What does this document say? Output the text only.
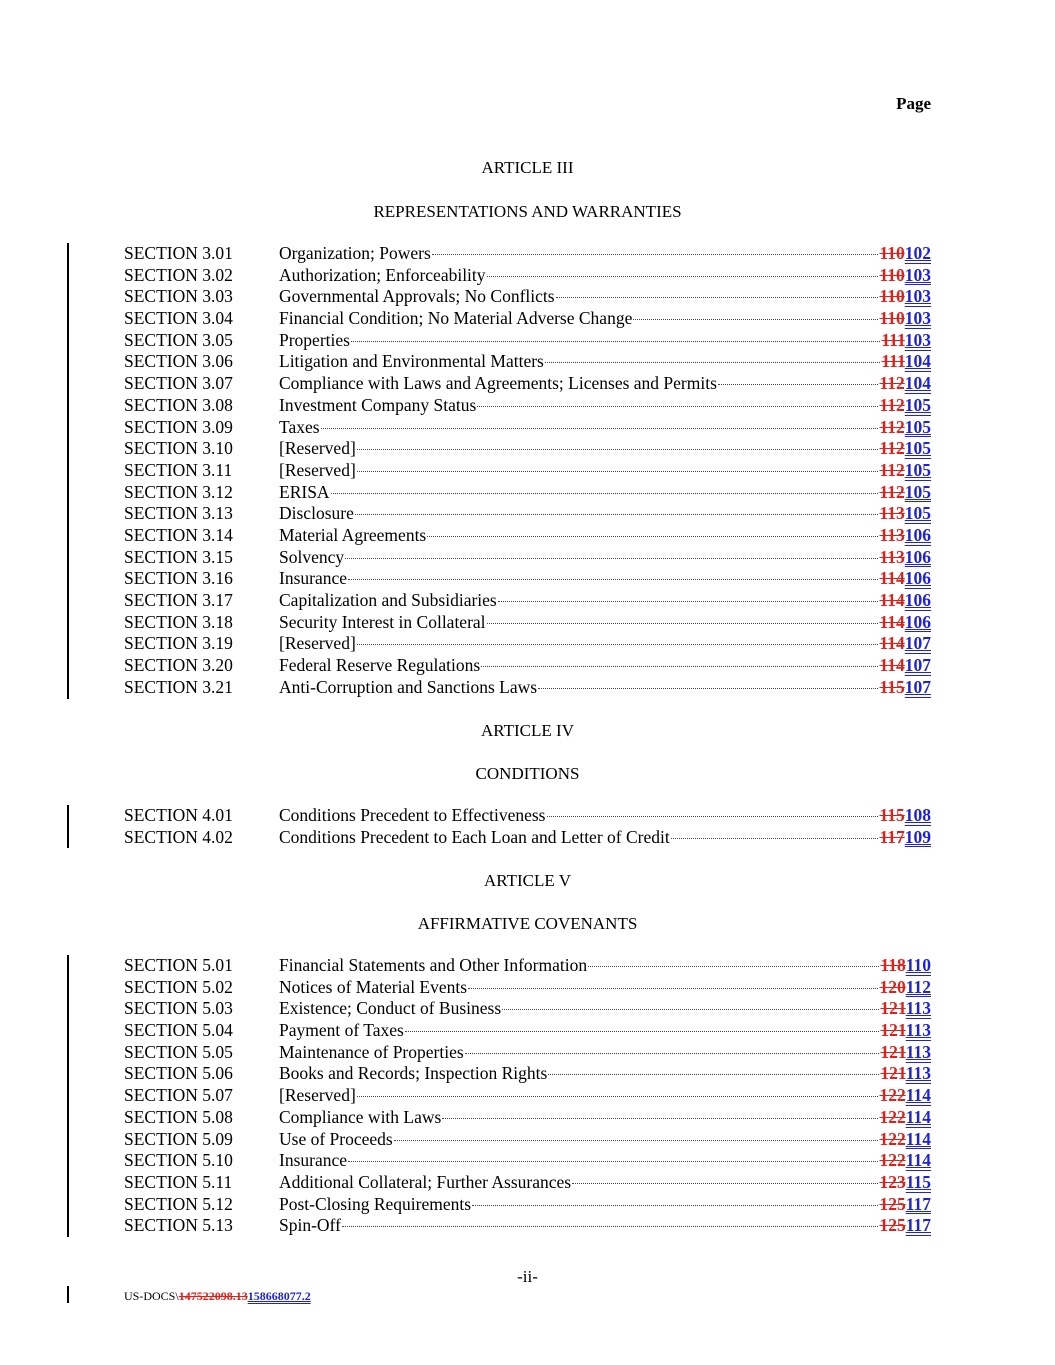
Page
ARTICLE III
REPRESENTATIONS AND WARRANTIES
SECTION 3.01	Organization; Powers	110102
SECTION 3.02	Authorization; Enforceability	110103
SECTION 3.03	Governmental Approvals; No Conflicts	110103
SECTION 3.04	Financial Condition; No Material Adverse Change	110103
SECTION 3.05	Properties	111103
SECTION 3.06	Litigation and Environmental Matters	111104
SECTION 3.07	Compliance with Laws and Agreements; Licenses and Permits	112104
SECTION 3.08	Investment Company Status	112105
SECTION 3.09	Taxes	112105
SECTION 3.10	[Reserved]	112105
SECTION 3.11	[Reserved]	112105
SECTION 3.12	ERISA	112105
SECTION 3.13	Disclosure	113105
SECTION 3.14	Material Agreements	113106
SECTION 3.15	Solvency	113106
SECTION 3.16	Insurance	114106
SECTION 3.17	Capitalization and Subsidiaries	114106
SECTION 3.18	Security Interest in Collateral	114106
SECTION 3.19	[Reserved]	114107
SECTION 3.20	Federal Reserve Regulations	114107
SECTION 3.21	Anti-Corruption and Sanctions Laws	115107
ARTICLE IV
CONDITIONS
SECTION 4.01	Conditions Precedent to Effectiveness	115108
SECTION 4.02	Conditions Precedent to Each Loan and Letter of Credit	117109
ARTICLE V
AFFIRMATIVE COVENANTS
SECTION 5.01	Financial Statements and Other Information	118110
SECTION 5.02	Notices of Material Events	120112
SECTION 5.03	Existence; Conduct of Business	121113
SECTION 5.04	Payment of Taxes	121113
SECTION 5.05	Maintenance of Properties	121113
SECTION 5.06	Books and Records; Inspection Rights	121113
SECTION 5.07	[Reserved]	122114
SECTION 5.08	Compliance with Laws	122114
SECTION 5.09	Use of Proceeds	122114
SECTION 5.10	Insurance	122114
SECTION 5.11	Additional Collateral; Further Assurances	123115
SECTION 5.12	Post-Closing Requirements	125117
SECTION 5.13	Spin-Off	125117
-ii-
US-DOCS\147522098.13158668077.2
